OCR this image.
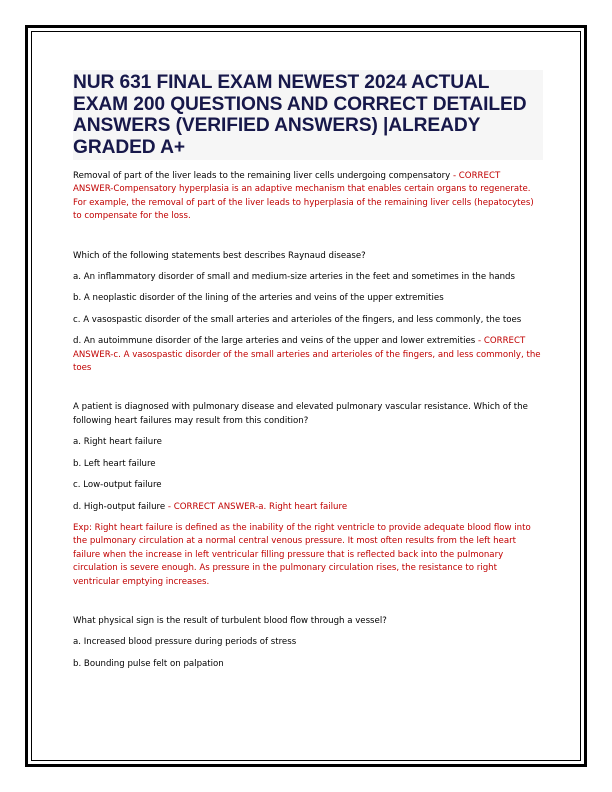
NUR 631 FINAL EXAM NEWEST 2024 ACTUAL EXAM 200 QUESTIONS AND CORRECT DETAILED ANSWERS (VERIFIED ANSWERS) |ALREADY GRADED A+

Removal of part of the liver leads to the remaining liver cells undergoing compensatory - CORRECT ANSWER-Compensatory hyperplasia is an adaptive mechanism that enables certain organs to regenerate. For example, the removal of part of the liver leads to hyperplasia of the remaining liver cells (hepatocytes) to compensate for the loss.

Which of the following statements best describes Raynaud disease?

a. An inflammatory disorder of small and medium-size arteries in the feet and sometimes in the hands

b. A neoplastic disorder of the lining of the arteries and veins of the upper extremities

c. A vasospastic disorder of the small arteries and arterioles of the fingers, and less commonly, the toes

d. An autoimmune disorder of the large arteries and veins of the upper and lower extremities - CORRECT ANSWER-c. A vasospastic disorder of the small arteries and arterioles of the fingers, and less commonly, the toes

A patient is diagnosed with pulmonary disease and elevated pulmonary vascular resistance. Which of the following heart failures may result from this condition?

a. Right heart failure

b. Left heart failure

c. Low-output failure

d. High-output failure - CORRECT ANSWER-a. Right heart failure

Exp: Right heart failure is defined as the inability of the right ventricle to provide adequate blood flow into the pulmonary circulation at a normal central venous pressure. It most often results from the left heart failure when the increase in left ventricular filling pressure that is reflected back into the pulmonary circulation is severe enough. As pressure in the pulmonary circulation rises, the resistance to right ventricular emptying increases.

What physical sign is the result of turbulent blood flow through a vessel?

a. Increased blood pressure during periods of stress

b. Bounding pulse felt on palpation
